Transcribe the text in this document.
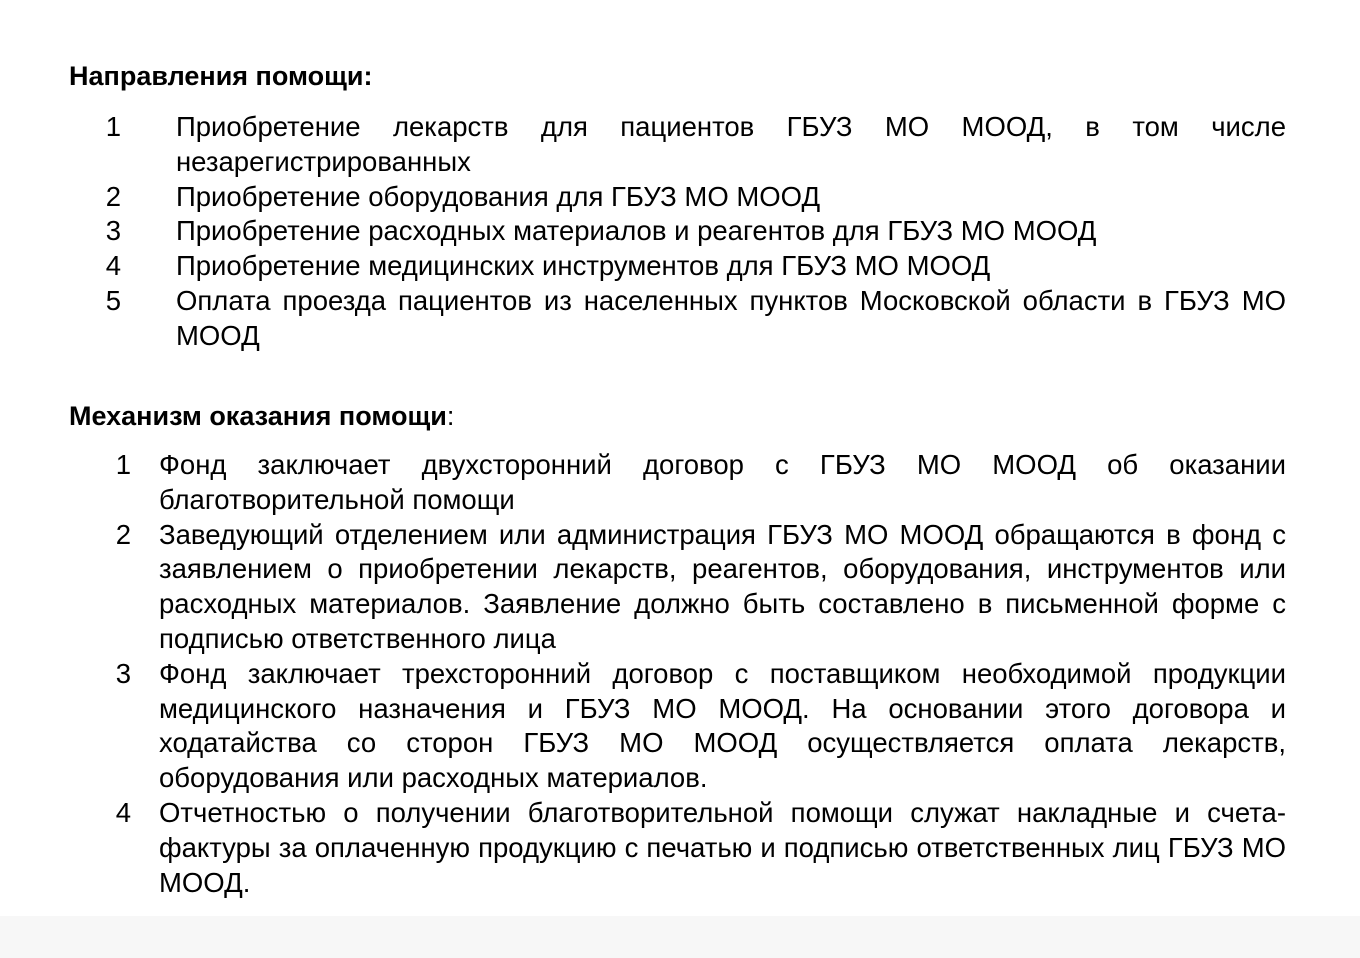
Направления помощи:
1	Приобретение лекарств для пациентов ГБУЗ МО МООД, в том числе незарегистрированных
2	Приобретение оборудования для ГБУЗ МО МООД
3	Приобретение расходных материалов и реагентов для ГБУЗ МО МООД
4	Приобретение медицинских инструментов для ГБУЗ МО МООД
5	Оплата проезда пациентов из населенных пунктов Московской области в ГБУЗ МО МООД
Механизм оказания помощи:
1	Фонд заключает двухсторонний договор с ГБУЗ МО МООД об оказании благотворительной помощи
2	Заведующий отделением или администрация ГБУЗ МО МООД обращаются в фонд с заявлением о приобретении лекарств, реагентов, оборудования, инструментов или расходных материалов. Заявление должно быть составлено в письменной форме с подписью ответственного лица
3	Фонд заключает трехсторонний договор с поставщиком необходимой продукции медицинского назначения и ГБУЗ МО МООД. На основании этого договора и ходатайства со сторон ГБУЗ МО МООД осуществляется оплата лекарств, оборудования или расходных материалов.
4	Отчетностью о получении благотворительной помощи служат накладные и счета-фактуры за оплаченную продукцию с печатью и подписью ответственных лиц ГБУЗ МО МООД.
